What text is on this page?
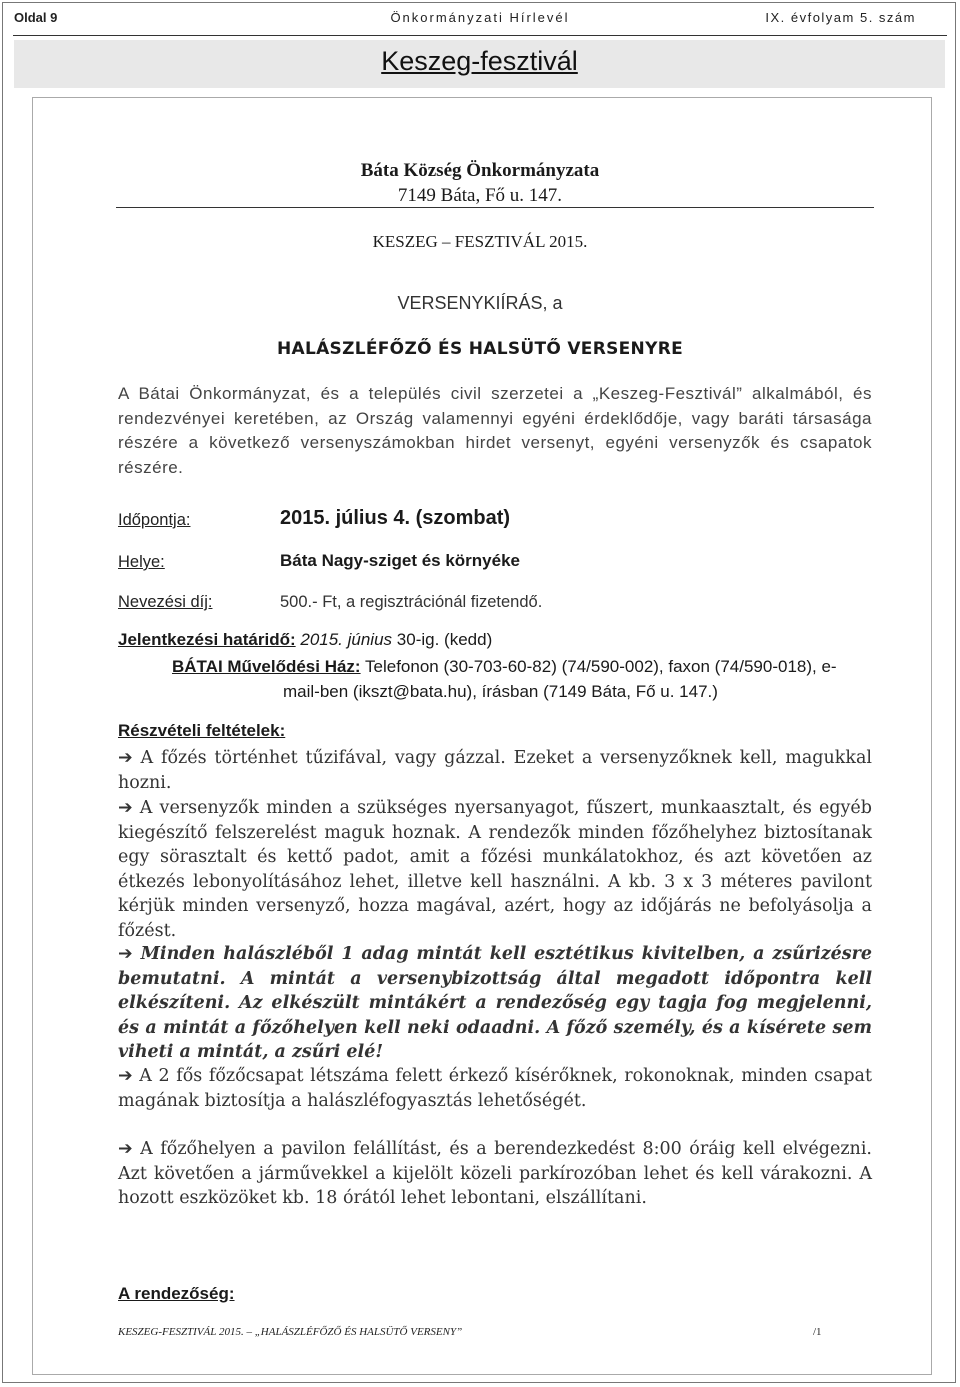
Oldal 9	Önkormányzati Hírlevél	IX. évfolyam 5. szám
Keszeg-fesztivál
Báta Község Önkormányzata
7149 Báta, Fő u. 147.
KESZEG – FESZTIVÁL 2015.
VERSENYKIÍRÁS, a
HALÁSZLÉFŐZŐ ÉS HALSÜTŐ VERSENYRE
A Bátai Önkormányzat, és a település civil szerzetei a „Keszeg-Fesztivál” alkalmából, és rendezvényei keretében, az Ország valamennyi egyéni érdeklődője, vagy baráti társasága részére a következő versenyszámokban hirdet versenyt, egyéni versenyzők és csapatok részére.
Időpontja:	2015. július 4. (szombat)
Helye:	Báta Nagy-sziget és környéke
Nevezési díj:	500.- Ft, a regisztrációnál fizetendő.
Jelentkezési határidő: 2015. június 30-ig. (kedd)
BÁTAI Művelődési Ház: Telefonon (30-703-60-82) (74/590-002), faxon (74/590-018), e-
mail-ben (ikszt@bata.hu), írásban (7149 Báta, Fő u. 147.)
Részvételi feltételek:
➔ A főzés történhet tűzifával, vagy gázzal. Ezeket a versenyzőknek kell, magukkal hozni.
➔ A versenyzők minden a szükséges nyersanyagot, fűszert, munkaasztalt, és egyéb kiegészítő felszerelést maguk hoznak. A rendezők minden főzőhelyhez biztosítanak egy sörasztalt és kettő padot, amit a főzési munkálatokhoz, és azt követően az étkezés lebonyolításához lehet, illetve kell használni. A kb. 3 x 3 méteres pavilont kérjük minden versenyző, hozza magával, azért, hogy az időjárás ne befolyásolja a főzést.
➔ Minden halászléből 1 adag mintát kell esztétikus kivitelben, a zsűrizésre bemutatni. A mintát a versenybizottság által megadott időpontra kell elkészíteni. Az elkészült mintákért a rendezőség egy tagja fog megjelenni, és a mintát a főzőhelyen kell neki odaadni. A főző személy, és a kísérete sem viheti a mintát, a zsűri elé!
➔ A 2 fős főzőcsapat létszáma felett érkező kísérőknek, rokonoknak, minden csapat magának biztosítja a halászléfogyasztás lehetőségét.
➔ A főzőhelyen a pavilon felállítást, és a berendezkedést 8:00 óráig kell elvégezni. Azt követően a járművekkel a kijelölt közeli parkírozóban lehet és kell várakozni. A hozott eszközöket kb. 18 órától lehet lebontani, elszállítani.
A rendezőség:
KESZEG-FESZTIVÁL 2015. – „HALÁSZLÉFŐZŐ ÉS HALSÜTŐ VERSENY”	/1
